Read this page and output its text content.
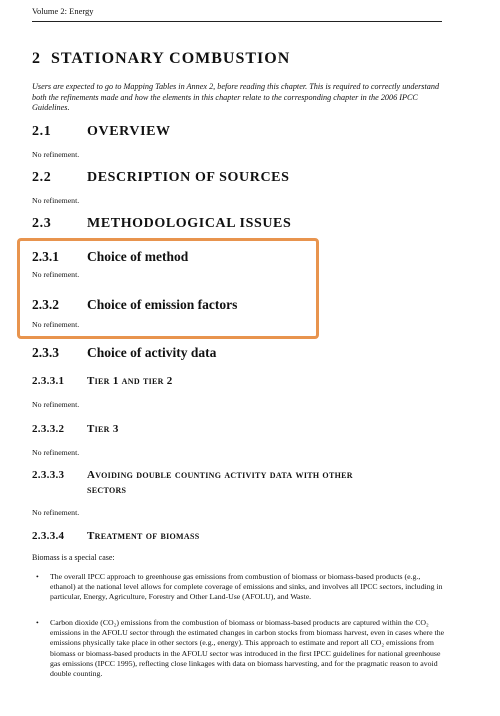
Volume 2: Energy
2 STATIONARY COMBUSTION
Users are expected to go to Mapping Tables in Annex 2, before reading this chapter. This is required to correctly understand both the refinements made and how the elements in this chapter relate to the corresponding chapter in the 2006 IPCC Guidelines.
2.1	OVERVIEW
No refinement.
2.2	DESCRIPTION OF SOURCES
No refinement.
2.3	METHODOLOGICAL ISSUES
2.3.1 Choice of method
No refinement.
2.3.2 Choice of emission factors
No refinement.
2.3.3 Choice of activity data
2.3.3.1 Tier 1 and tier 2
No refinement.
2.3.3.2 Tier 3
No refinement.
2.3.3.3 Avoiding double counting activity data with other
sectors
No refinement.
2.3.3.4 Treatment of biomass
Biomass is a special case:
• The overall IPCC approach to greenhouse gas emissions from combustion of biomass or biomass-based products (e.g., ethanol) at the national level allows for complete coverage of emissions and sinks, and involves all IPCC sectors, including in particular, Energy, Agriculture, Forestry and Other Land-Use (AFOLU), and Waste.
• Carbon dioxide (CO₂) emissions from the combustion of biomass or biomass-based products are captured within the CO₂ emissions in the AFOLU sector through the estimated changes in carbon stocks from biomass harvest, even in cases where the emissions physically take place in other sectors (e.g., energy). This approach to estimate and report all CO₂ emissions from biomass or biomass-based products in the AFOLU sector was introduced in the first IPCC guidelines for national greenhouse gas emissions (IPCC 1995), reflecting close linkages with data on biomass harvesting, and for the pragmatic reason to avoid double counting.
